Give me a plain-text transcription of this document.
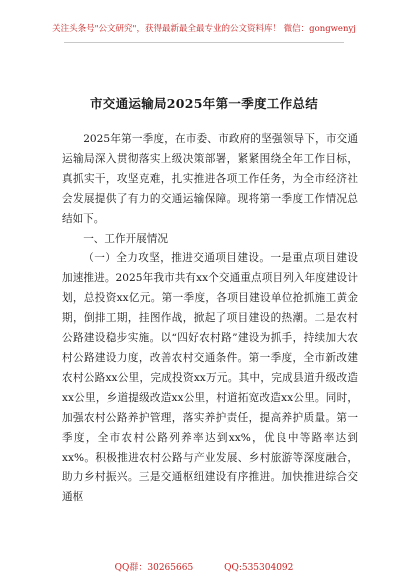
关注头条号"公文研究"，获得最新最全最专业的公文资料库！ 微信：gongwenyj
市交通运输局2025年第一季度工作总结

2025年第一季度，在市委、市政府的坚强领导下，市交通运输局深入贯彻落实上级决策部署，紧紧围绕全年工作目标，真抓实干，攻坚克难，扎实推进各项工作任务，为全市经济社会发展提供了有力的交通运输保障。现将第一季度工作情况总结如下。

一、工作开展情况

（一）全力攻坚，推进交通项目建设。一是重点项目建设加速推进。2025年我市共有xx个交通重点项目列入年度建设计划，总投资xx亿元。第一季度，各项目建设单位抢抓施工黄金期，倒排工期，挂图作战，掀起了项目建设的热潮。二是农村公路建设稳步实施。以“四好农村路”建设为抓手，持续加大农村公路建设力度，改善农村交通条件。第一季度，全市新改建农村公路xx公里，完成投资xx万元。其中，完成县道升级改造xx公里，乡道提级改造xx公里，村道拓宽改造xx公里。同时，加强农村公路养护管理，落实养护责任，提高养护质量。第一季度，全市农村公路列养率达到xx%，优良中等路率达到xx%。积极推进农村公路与产业发展、乡村旅游等深度融合，助力乡村振兴。三是交通枢纽建设有序推进。加快推进综合交通枢

QQ群：30265665	QQ:535304092
